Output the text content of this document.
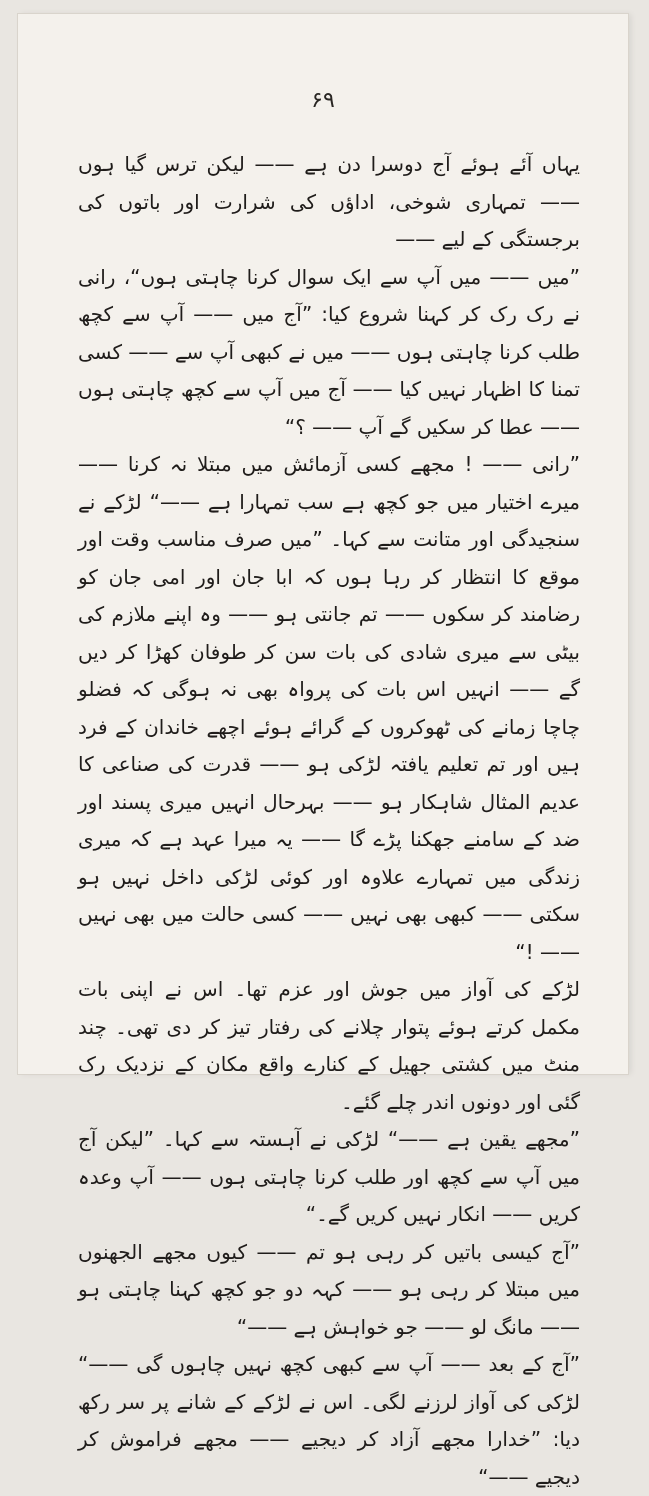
۶۹

یہاں آئے ہوئے آج دوسرا دن ہے —— لیکن ترس گیا ہوں —— تمہاری شوخی، اداؤں کی شرارت اور باتوں کی برجستگی کے لیے ——

”میں —— میں آپ سے ایک سوال کرنا چاہتی ہوں“، رانی نے رک رک کر کہنا شروع کیا: ”آج میں —— آپ سے کچھ طلب کرنا چاہتی ہوں —— میں نے کبھی آپ سے —— کسی تمنا کا اظہار نہیں کیا —— آج میں آپ سے کچھ چاہتی ہوں —— عطا کر سکیں گے آپ —— ؟“

”رانی —— ! مجھے کسی آزمائش میں مبتلا نہ کرنا —— میرے اختیار میں جو کچھ ہے سب تمہارا ہے ——“ لڑکے نے سنجیدگی اور متانت سے کہا۔ ”میں صرف مناسب وقت اور موقع کا انتظار کر رہا ہوں کہ ابا جان اور امی جان کو رضامند کر سکوں —— تم جانتی ہو —— وہ اپنے ملازم کی بیٹی سے میری شادی کی بات سن کر طوفان کھڑا کر دیں گے —— انہیں اس بات کی پرواہ بھی نہ ہوگی کہ فضلو چاچا زمانے کی ٹھوکروں کے گرائے ہوئے اچھے خاندان کے فرد ہیں اور تم تعلیم یافتہ لڑکی ہو —— قدرت کی صناعی کا عدیم المثال شاہکار ہو —— بہرحال انہیں میری پسند اور ضد کے سامنے جھکنا پڑے گا —— یہ میرا عہد ہے کہ میری زندگی میں تمہارے علاوہ اور کوئی لڑکی داخل نہیں ہو سکتی —— کبھی بھی نہیں —— کسی حالت میں بھی نہیں —— !“

لڑکے کی آواز میں جوش اور عزم تھا۔ اس نے اپنی بات مکمل کرتے ہوئے پتوار چلانے کی رفتار تیز کر دی تھی۔ چند منٹ میں کشتی جھیل کے کنارے واقع مکان کے نزدیک رک گئی اور دونوں اندر چلے گئے۔

”مجھے یقین ہے ——“ لڑکی نے آہستہ سے کہا۔ ”لیکن آج میں آپ سے کچھ اور طلب کرنا چاہتی ہوں —— آپ وعدہ کریں —— انکار نہیں کریں گے۔“

”آج کیسی باتیں کر رہی ہو تم —— کیوں مجھے الجھنوں میں مبتلا کر رہی ہو —— کہہ دو جو کچھ کہنا چاہتی ہو —— مانگ لو —— جو خواہش ہے ——“

”آج کے بعد —— آپ سے کبھی کچھ نہیں چاہوں گی ——“ لڑکی کی آواز لرزنے لگی۔ اس نے لڑکے کے شانے پر سر رکھ دیا: ”خدارا مجھے آزاد کر دیجیے —— مجھے فراموش کر دیجیے ——“
